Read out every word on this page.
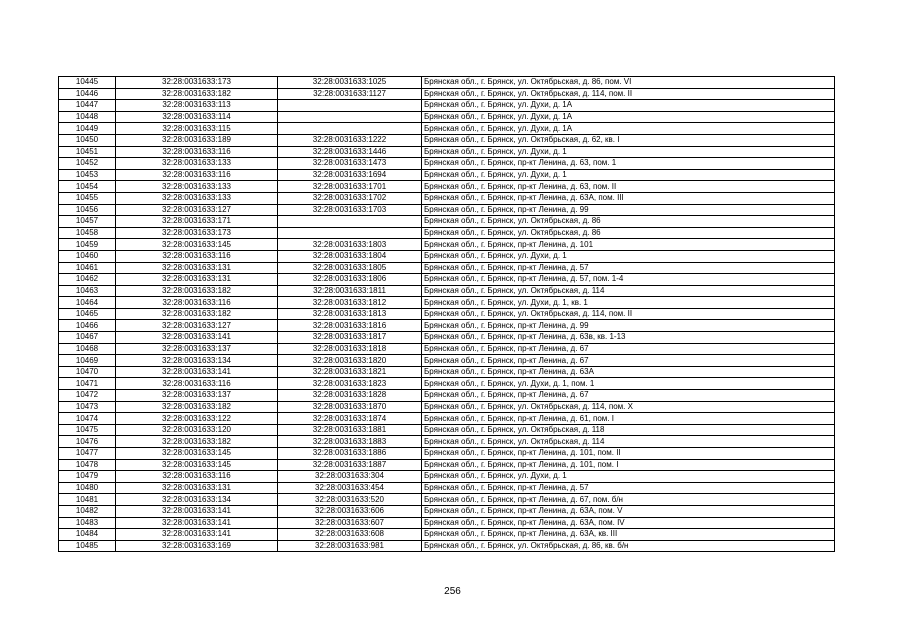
10445	32:28:0031633:173	32:28:0031633:1025	Брянская обл., г. Брянск, ул. Октябрьская, д. 86, пом. VI
10446	32:28:0031633:182	32:28:0031633:1127	Брянская обл., г. Брянск, ул. Октябрьская, д. 114, пом. II
10447	32:28:0031633:113		Брянская обл., г. Брянск, ул. Духи, д. 1А
10448	32:28:0031633:114		Брянская обл., г. Брянск, ул. Духи, д. 1А
10449	32:28:0031633:115		Брянская обл., г. Брянск, ул. Духи, д. 1А
10450	32:28:0031633:189	32:28:0031633:1222	Брянская обл., г. Брянск, ул. Октябрьская, д. 62, кв. I
10451	32:28:0031633:116	32:28:0031633:1446	Брянская обл., г. Брянск, ул. Духи, д. 1
10452	32:28:0031633:133	32:28:0031633:1473	Брянская обл., г. Брянск, пр-кт Ленина, д. 63, пом. 1
10453	32:28:0031633:116	32:28:0031633:1694	Брянская обл., г. Брянск, ул. Духи, д. 1
10454	32:28:0031633:133	32:28:0031633:1701	Брянская обл., г. Брянск, пр-кт Ленина, д. 63, пом. II
10455	32:28:0031633:133	32:28:0031633:1702	Брянская обл., г. Брянск, пр-кт Ленина, д. 63А, пом. III
10456	32:28:0031633:127	32:28:0031633:1703	Брянская обл., г. Брянск, пр-кт Ленина, д. 99
10457	32:28:0031633:171		Брянская обл., г. Брянск, ул. Октябрьская, д. 86
10458	32:28:0031633:173		Брянская обл., г. Брянск, ул. Октябрьская, д. 86
10459	32:28:0031633:145	32:28:0031633:1803	Брянская обл., г. Брянск, пр-кт Ленина, д. 101
10460	32:28:0031633:116	32:28:0031633:1804	Брянская обл., г. Брянск, ул. Духи, д. 1
10461	32:28:0031633:131	32:28:0031633:1805	Брянская обл., г. Брянск, пр-кт Ленина, д. 57
10462	32:28:0031633:131	32:28:0031633:1806	Брянская обл., г. Брянск, пр-кт Ленина, д. 57, пом. 1-4
10463	32:28:0031633:182	32:28:0031633:1811	Брянская обл., г. Брянск, ул. Октябрьская, д. 114
10464	32:28:0031633:116	32:28:0031633:1812	Брянская обл., г. Брянск, ул. Духи, д. 1, кв. 1
10465	32:28:0031633:182	32:28:0031633:1813	Брянская обл., г. Брянск, ул. Октябрьская, д. 114, пом. II
10466	32:28:0031633:127	32:28:0031633:1816	Брянская обл., г. Брянск, пр-кт Ленина, д. 99
10467	32:28:0031633:141	32:28:0031633:1817	Брянская обл., г. Брянск, пр-кт Ленина, д. 63в, кв. 1-13
10468	32:28:0031633:137	32:28:0031633:1818	Брянская обл., г. Брянск, пр-кт Ленина, д. 67
10469	32:28:0031633:134	32:28:0031633:1820	Брянская обл., г. Брянск, пр-кт Ленина, д. 67
10470	32:28:0031633:141	32:28:0031633:1821	Брянская обл., г. Брянск, пр-кт Ленина, д. 63А
10471	32:28:0031633:116	32:28:0031633:1823	Брянская обл., г. Брянск, ул. Духи, д. 1, пом. 1
10472	32:28:0031633:137	32:28:0031633:1828	Брянская обл., г. Брянск, пр-кт Ленина, д. 67
10473	32:28:0031633:182	32:28:0031633:1870	Брянская обл., г. Брянск, ул. Октябрьская, д. 114, пом. X
10474	32:28:0031633:122	32:28:0031633:1874	Брянская обл., г. Брянск, пр-кт Ленина, д. 61, пом. I
10475	32:28:0031633:120	32:28:0031633:1881	Брянская обл., г. Брянск, ул. Октябрьская, д. 118
10476	32:28:0031633:182	32:28:0031633:1883	Брянская обл., г. Брянск, ул. Октябрьская, д. 114
10477	32:28:0031633:145	32:28:0031633:1886	Брянская обл., г. Брянск, пр-кт Ленина, д. 101, пом. II
10478	32:28:0031633:145	32:28:0031633:1887	Брянская обл., г. Брянск, пр-кт Ленина, д. 101, пом. I
10479	32:28:0031633:116	32:28:0031633:304	Брянская обл., г. Брянск, ул. Духи, д. 1
10480	32:28:0031633:131	32:28:0031633:454	Брянская обл., г. Брянск, пр-кт Ленина, д. 57
10481	32:28:0031633:134	32:28:0031633:520	Брянская обл., г. Брянск, пр-кт Ленина, д. 67, пом. б/н
10482	32:28:0031633:141	32:28:0031633:606	Брянская обл., г. Брянск, пр-кт Ленина, д. 63А, пом. V
10483	32:28:0031633:141	32:28:0031633:607	Брянская обл., г. Брянск, пр-кт Ленина, д. 63А, пом. IV
10484	32:28:0031633:141	32:28:0031633:608	Брянская обл., г. Брянск, пр-кт Ленина, д. 63А, кв. III
10485	32:28:0031633:169	32:28:0031633:981	Брянская обл., г. Брянск, ул. Октябрьская, д. 86, кв. б/н
256
